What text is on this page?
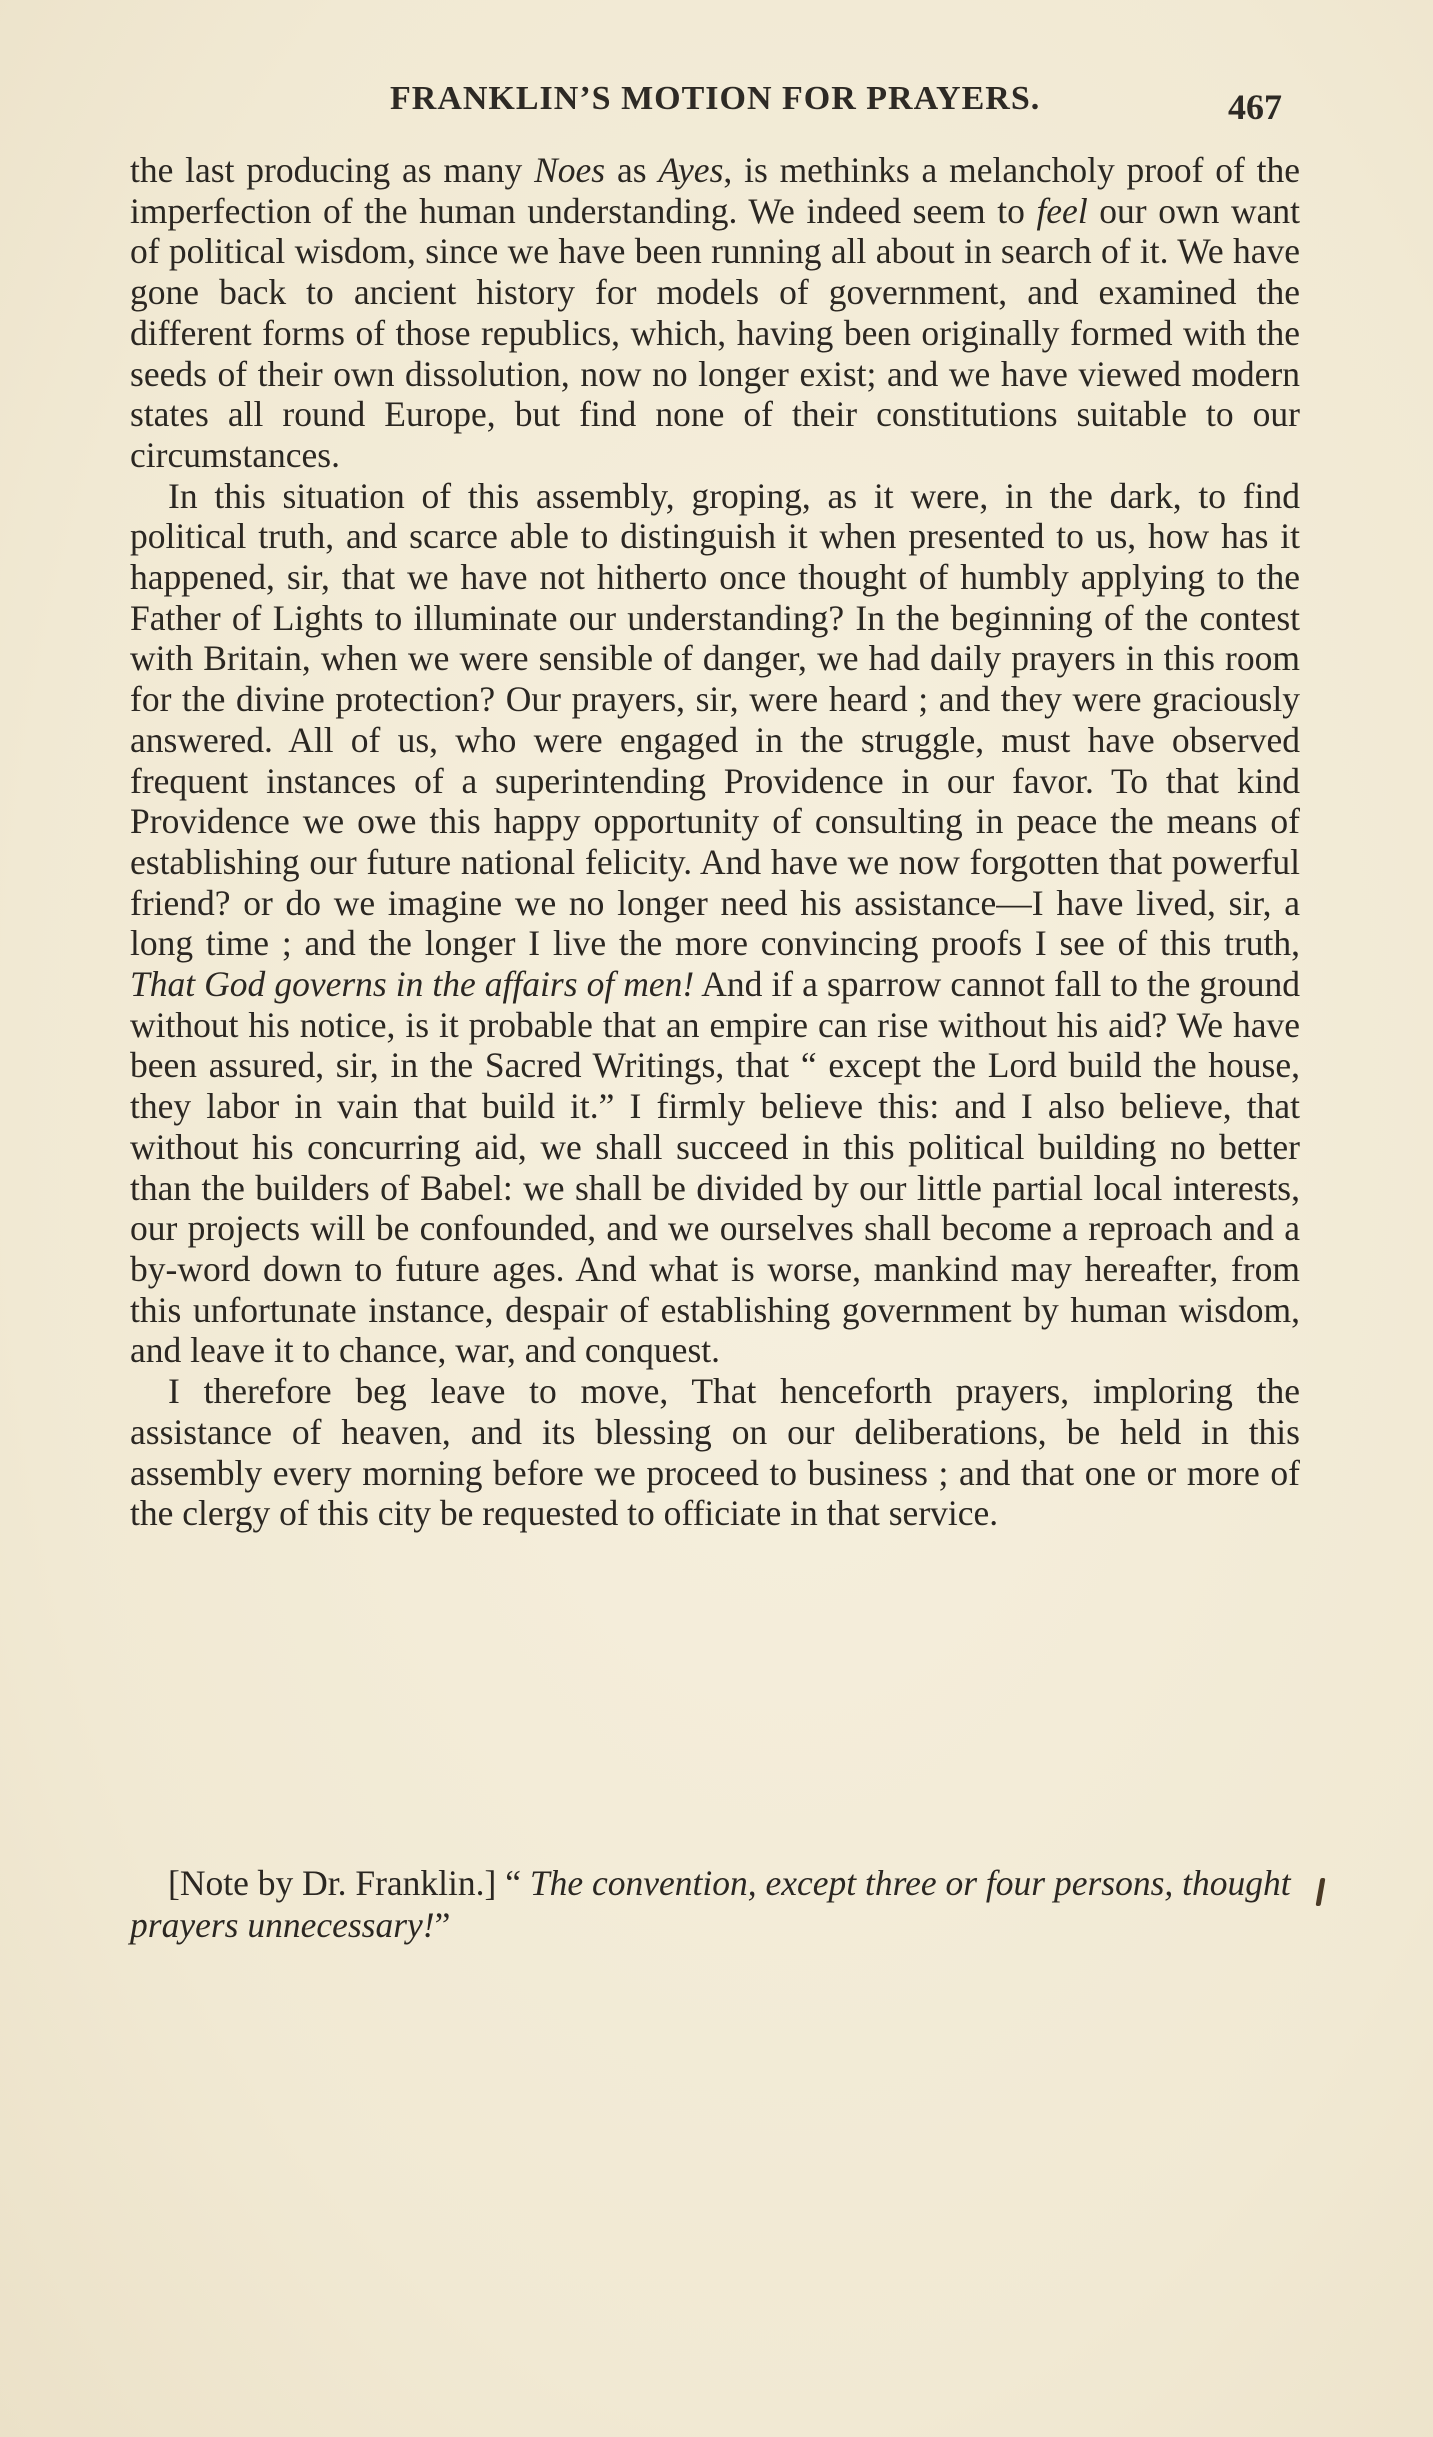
FRANKLIN’S MOTION FOR PRAYERS.	467

the last producing as many Noes as Ayes, is methinks a melancholy proof of the imperfection of the human understanding. We indeed seem to feel our own want of political wisdom, since we have been running all about in search of it. We have gone back to ancient history for models of government, and examined the different forms of those republics, which, having been originally formed with the seeds of their own dissolution, now no longer exist; and we have viewed modern states all round Europe, but find none of their constitutions suitable to our circumstances.

In this situation of this assembly, groping, as it were, in the dark, to find political truth, and scarce able to distinguish it when presented to us, how has it happened, sir, that we have not hitherto once thought of humbly applying to the Father of Lights to illuminate our understanding? In the beginning of the contest with Britain, when we were sensible of danger, we had daily prayers in this room for the divine protection? Our prayers, sir, were heard ; and they were graciously answered. All of us, who were engaged in the struggle, must have observed frequent instances of a superintending Providence in our favor. To that kind Providence we owe this happy opportunity of consulting in peace the means of establishing our future national felicity. And have we now forgotten that powerful friend? or do we imagine we no longer need his assistance—I have lived, sir, a long time ; and the longer I live the more convincing proofs I see of this truth, That God governs in the affairs of men! And if a sparrow cannot fall to the ground without his notice, is it probable that an empire can rise without his aid? We have been assured, sir, in the Sacred Writings, that “ except the Lord build the house, they labor in vain that build it.” I firmly believe this: and I also believe, that without his concurring aid, we shall succeed in this political building no better than the builders of Babel: we shall be divided by our little partial local interests, our projects will be confounded, and we ourselves shall become a reproach and a by-word down to future ages. And what is worse, mankind may hereafter, from this unfortunate instance, despair of establishing government by human wisdom, and leave it to chance, war, and conquest.

I therefore beg leave to move, That henceforth prayers, imploring the assistance of heaven, and its blessing on our deliberations, be held in this assembly every morning before we proceed to business ; and that one or more of the clergy of this city be requested to officiate in that service.

[Note by Dr. Franklin.] “ The convention, except three or four persons, thought prayers unnecessary!”
